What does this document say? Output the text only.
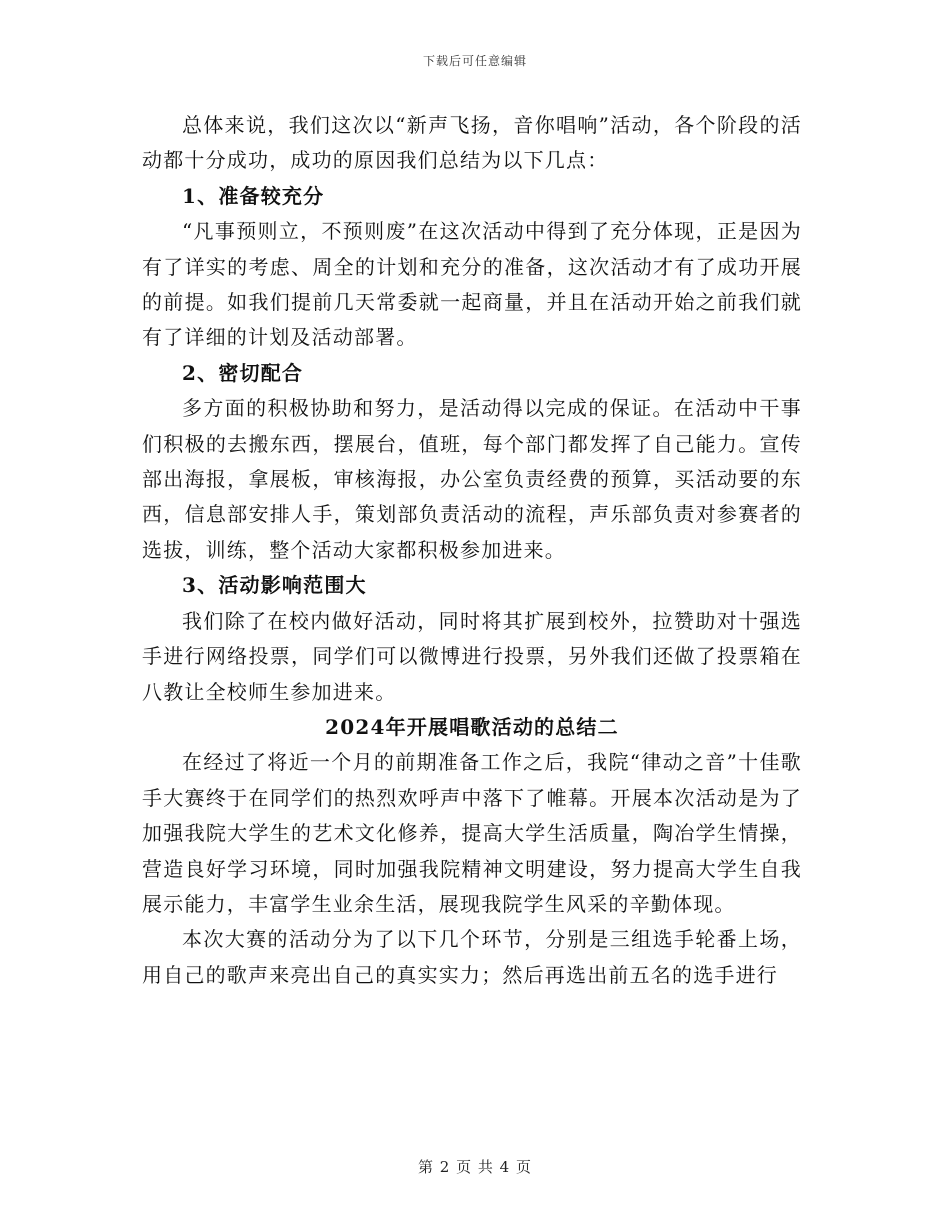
下载后可任意编辑

总体来说，我们这次以“新声飞扬，音你唱响”活动，各个阶段的活动都十分成功，成功的原因我们总结为以下几点：

1、准备较充分

“凡事预则立，不预则废”在这次活动中得到了充分体现，正是因为有了详实的考虑、周全的计划和充分的准备，这次活动才有了成功开展的前提。如我们提前几天常委就一起商量，并且在活动开始之前我们就有了详细的计划及活动部署。

2、密切配合

多方面的积极协助和努力，是活动得以完成的保证。在活动中干事们积极的去搬东西，摆展台，值班，每个部门都发挥了自己能力。宣传部出海报，拿展板，审核海报，办公室负责经费的预算，买活动要的东西，信息部安排人手，策划部负责活动的流程，声乐部负责对参赛者的选拔，训练，整个活动大家都积极参加进来。

3、活动影响范围大

我们除了在校内做好活动，同时将其扩展到校外，拉赞助对十强选手进行网络投票，同学们可以微博进行投票，另外我们还做了投票箱在八教让全校师生参加进来。

2024年开展唱歌活动的总结二

在经过了将近一个月的前期准备工作之后，我院“律动之音”十佳歌手大赛终于在同学们的热烈欢呼声中落下了帷幕。开展本次活动是为了加强我院大学生的艺术文化修养，提高大学生活质量，陶冶学生情操，营造良好学习环境，同时加强我院精神文明建设，努力提高大学生自我展示能力，丰富学生业余生活，展现我院学生风采的辛勤体现。

本次大赛的活动分为了以下几个环节，分别是三组选手轮番上场，用自己的歌声来亮出自己的真实实力；然后再选出前五名的选手进行

第 2 页 共 4 页
